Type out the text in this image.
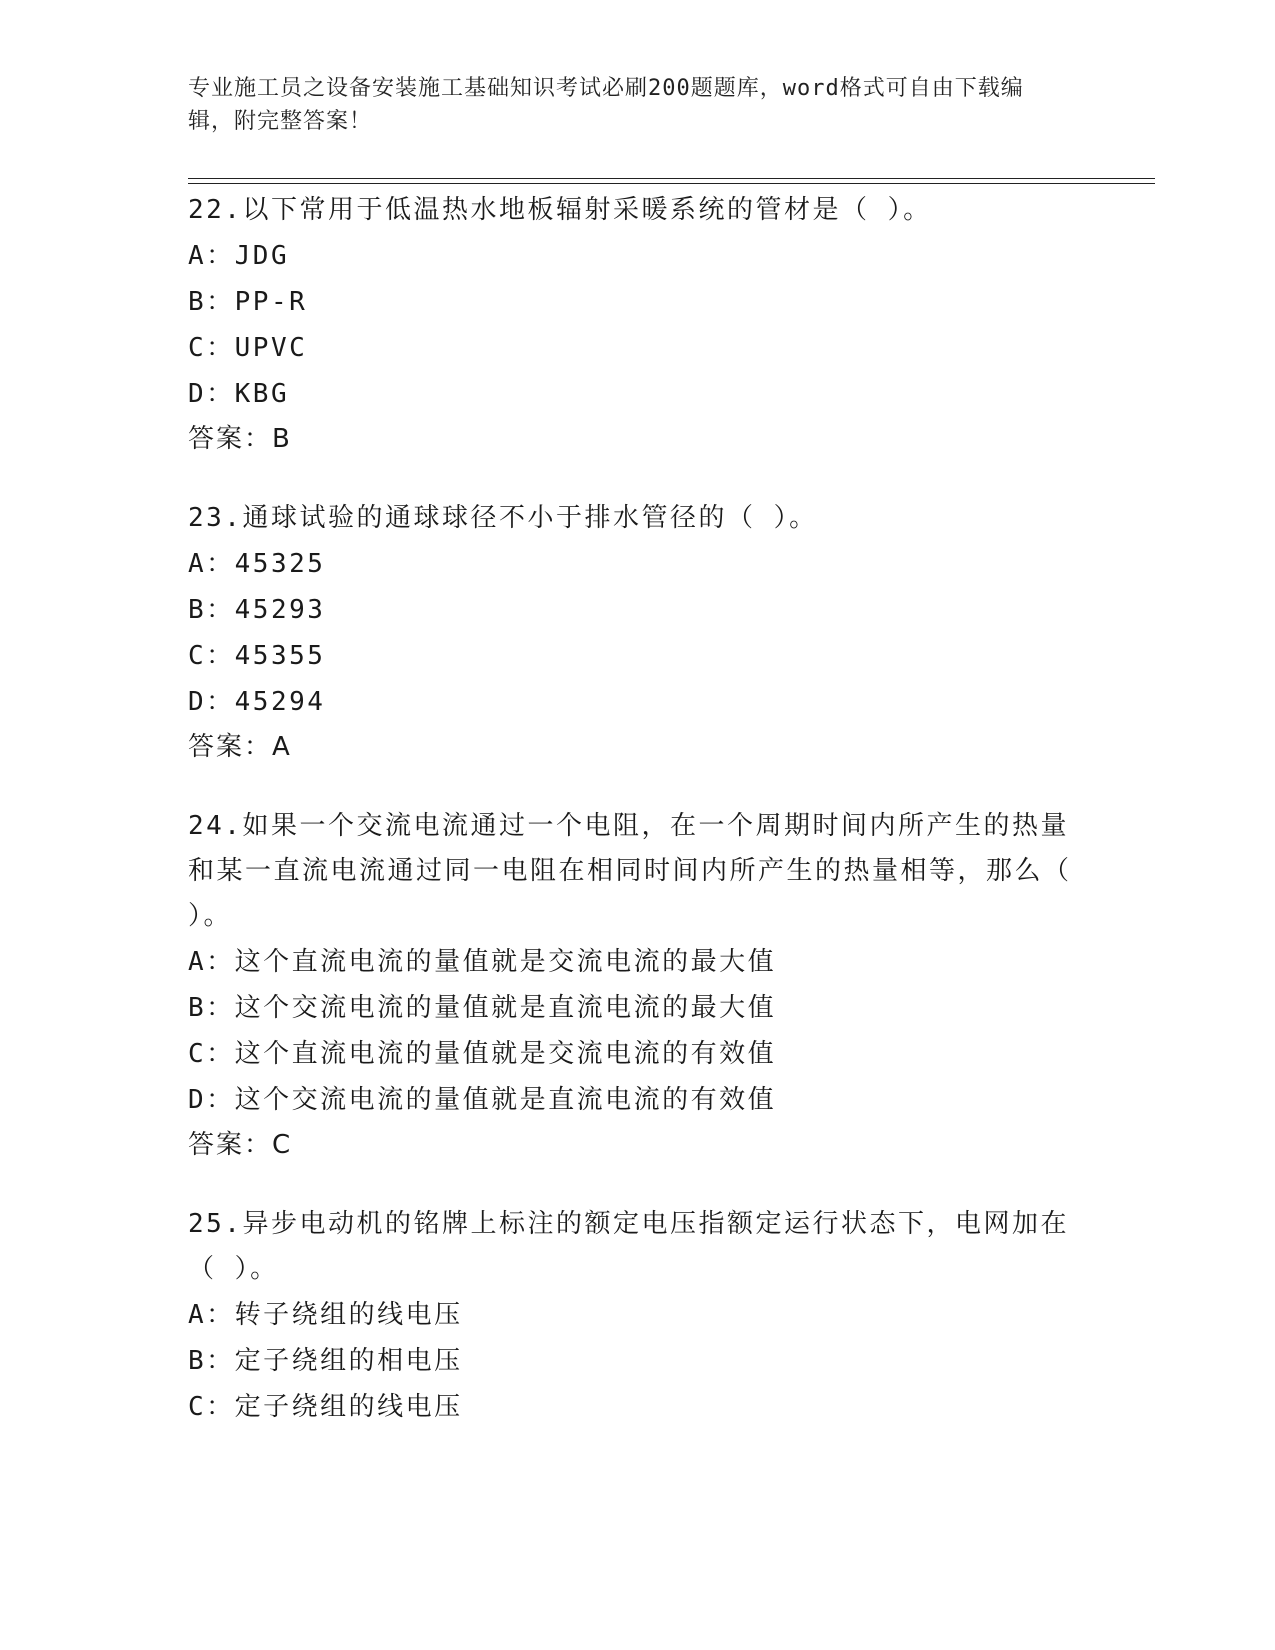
专业施工员之设备安装施工基础知识考试必刷200题题库，word格式可自由下载编辑，附完整答案！

22.以下常用于低温热水地板辐射采暖系统的管材是（ ）。

A：JDG

B：PP-R

C：UPVC

D：KBG

答案：B

23.通球试验的通球球径不小于排水管径的（ ）。

A：45325

B：45293

C：45355

D：45294

答案：A

24.如果一个交流电流通过一个电阻，在一个周期时间内所产生的热量和某一直流电流通过同一电阻在相同时间内所产生的热量相等，那么（ ）。

A：这个直流电流的量值就是交流电流的最大值

B：这个交流电流的量值就是直流电流的最大值

C：这个直流电流的量值就是交流电流的有效值

D：这个交流电流的量值就是直流电流的有效值

答案：C

25.异步电动机的铭牌上标注的额定电压指额定运行状态下，电网加在（ ）。

A：转子绕组的线电压

B：定子绕组的相电压

C：定子绕组的线电压
